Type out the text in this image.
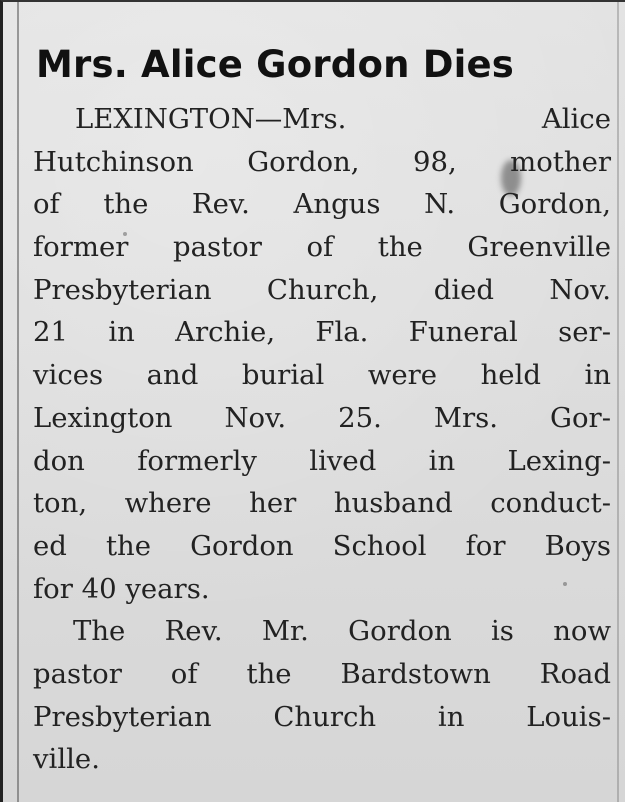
Mrs. Alice Gordon Dies
LEXINGTON—Mrs. Alice
Hutchinson Gordon, 98, mother
of the Rev. Angus N. Gordon,
former pastor of the Greenville
Presbyterian Church, died Nov.
21 in Archie, Fla. Funeral ser-
vices and burial were held in
Lexington Nov. 25. Mrs. Gor-
don formerly lived in Lexing-
ton, where her husband conduct-
ed the Gordon School for Boys
for 40 years.
The Rev. Mr. Gordon is now
pastor of the Bardstown Road
Presbyterian Church in Louis-
ville.
